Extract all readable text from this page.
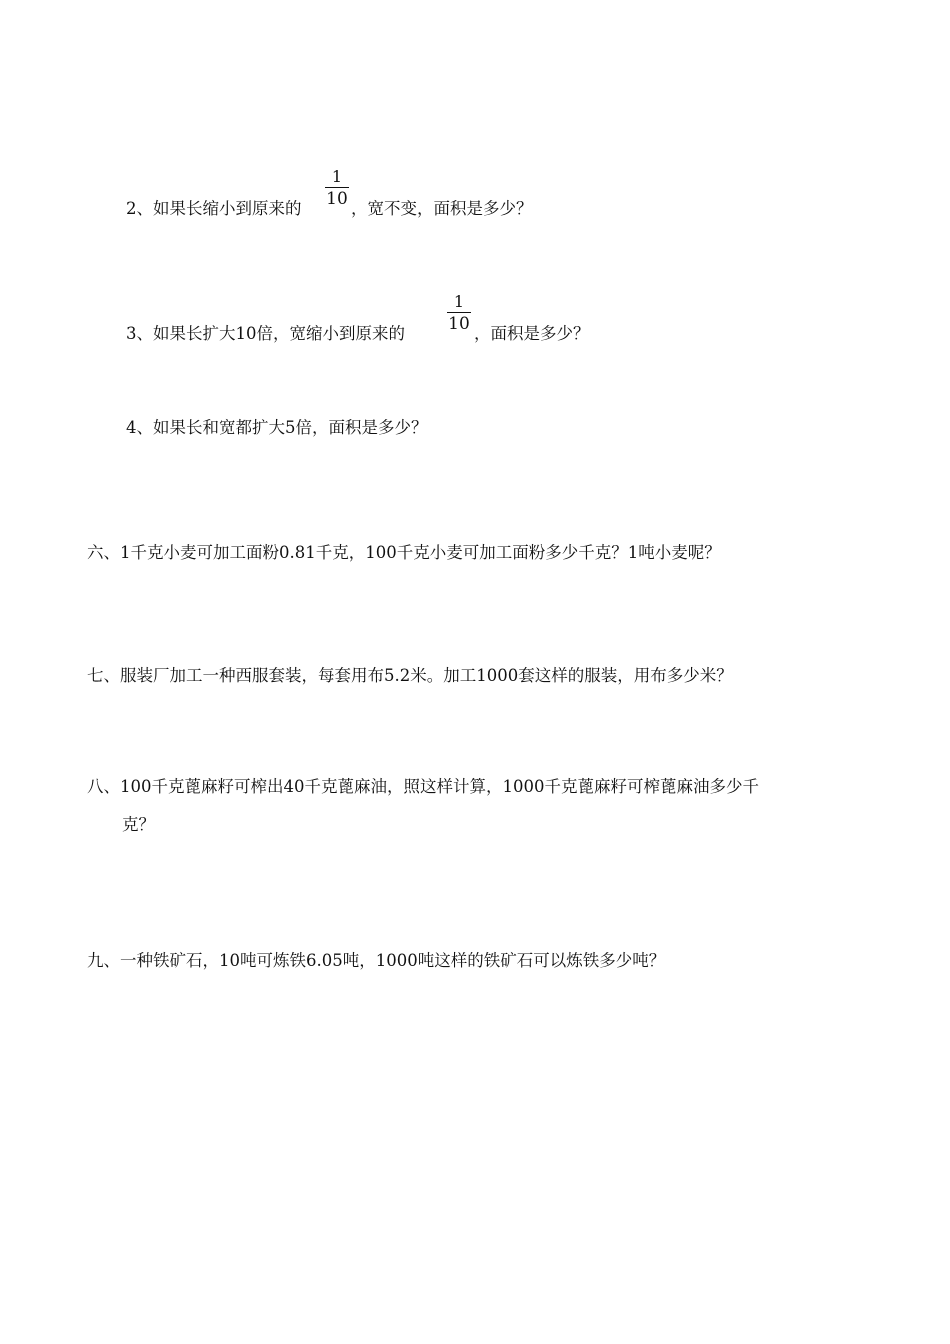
2、如果长缩小到原来的
1
10 ，宽不变，面积是多少？
3、如果长扩大10倍，宽缩小到原来的
1
10 ，面积是多少？
4、如果长和宽都扩大5倍，面积是多少？
六、1千克小麦可加工面粉0.81千克，100千克小麦可加工面粉多少千克？1吨小麦呢？
七、服装厂加工一种西服套装，每套用布5.2米。加工1000套这样的服装，用布多少米？
八、100千克蓖麻籽可榨出40千克蓖麻油，照这样计算，1000千克蓖麻籽可榨蓖麻油多少千
克？
九、一种铁矿石，10吨可炼铁6.05吨，1000吨这样的铁矿石可以炼铁多少吨？
